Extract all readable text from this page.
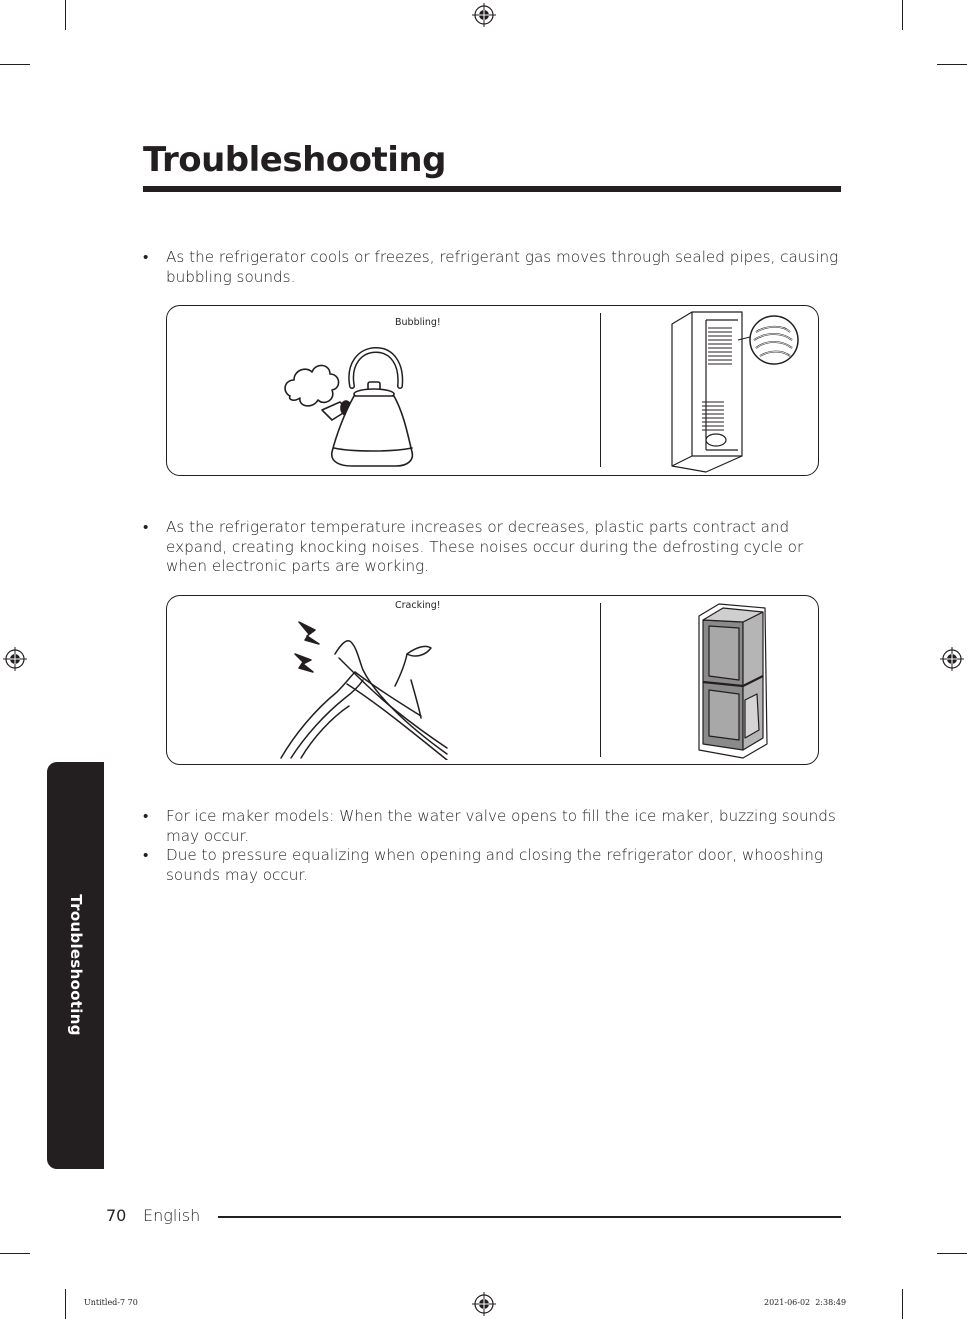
Troubleshooting
• As the refrigerator cools or freezes, refrigerant gas moves through sealed pipes, causing bubbling sounds.
Bubbling!
• As the refrigerator temperature increases or decreases, plastic parts contract and expand, creating knocking noises. These noises occur during the defrosting cycle or when electronic parts are working.
Cracking!
• For ice maker models: When the water valve opens to fill the ice maker, buzzing sounds may occur.
• Due to pressure equalizing when opening and closing the refrigerator door, whooshing sounds may occur.
Troubleshooting
70 English
Untitled-7 70	2021-06-02 ￼￼ 2:38:49
